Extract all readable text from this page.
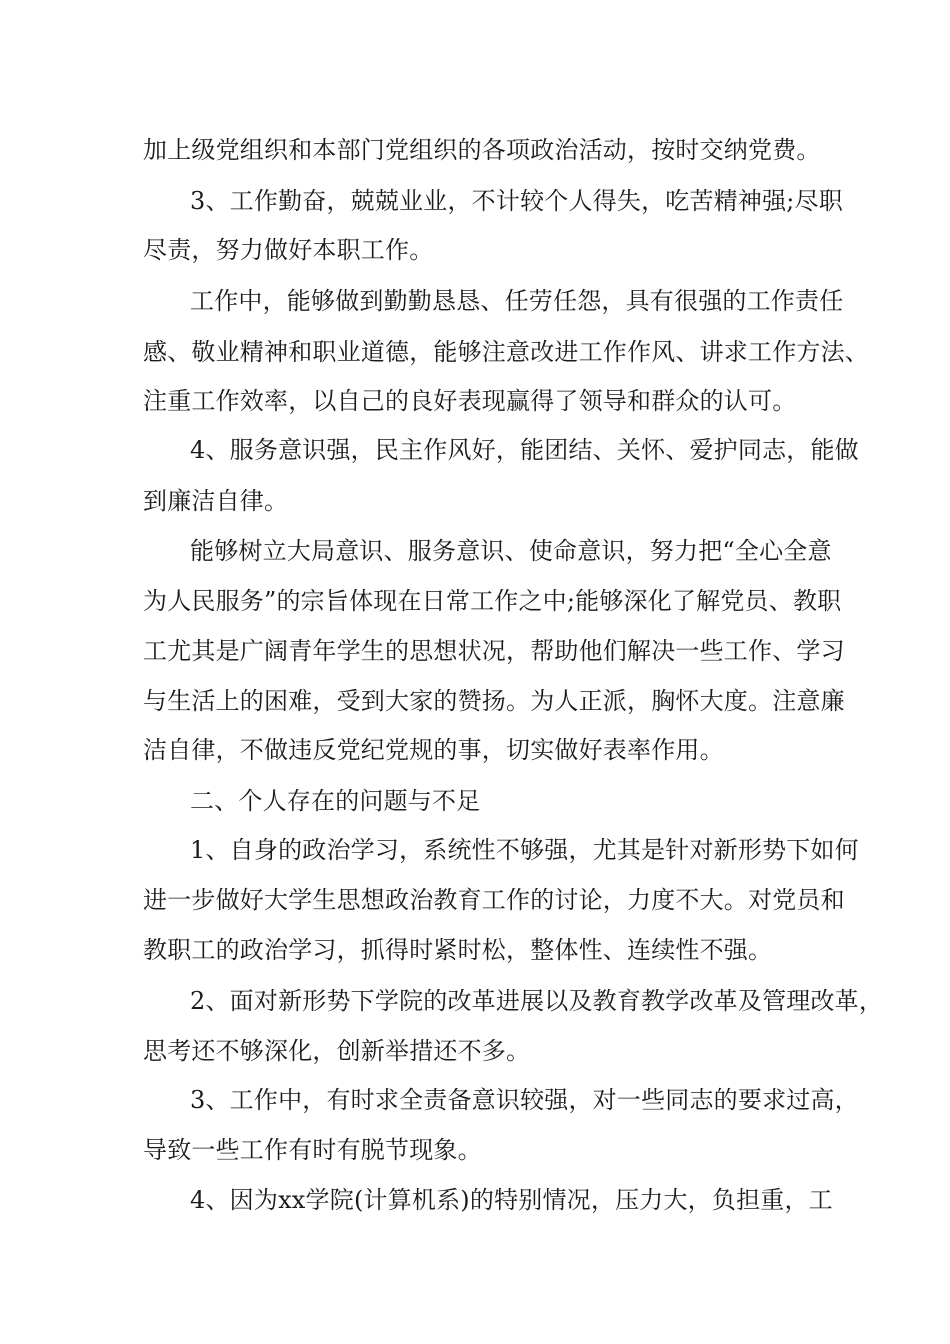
加上级党组织和本部门党组织的各项政治活动，按时交纳党费。
3、工作勤奋，兢兢业业，不计较个人得失，吃苦精神强;尽职
尽责，努力做好本职工作。
工作中，能够做到勤勤恳恳、任劳任怨，具有很强的工作责任
感、敬业精神和职业道德，能够注意改进工作作风、讲求工作方法、
注重工作效率，以自己的良好表现赢得了领导和群众的认可。
4、服务意识强，民主作风好，能团结、关怀、爱护同志，能做
到廉洁自律。
能够树立大局意识、服务意识、使命意识，努力把“全心全意
为人民服务”的宗旨体现在日常工作之中;能够深化了解党员、教职
工尤其是广阔青年学生的思想状况，帮助他们解决一些工作、学习
与生活上的困难，受到大家的赞扬。为人正派，胸怀大度。注意廉
洁自律，不做违反党纪党规的事，切实做好表率作用。
二、个人存在的问题与不足
1、自身的政治学习，系统性不够强，尤其是针对新形势下如何
进一步做好大学生思想政治教育工作的讨论，力度不大。对党员和
教职工的政治学习，抓得时紧时松，整体性、连续性不强。
2、面对新形势下学院的改革进展以及教育教学改革及管理改革，
思考还不够深化，创新举措还不多。
3、工作中，有时求全责备意识较强，对一些同志的要求过高，
导致一些工作有时有脱节现象。
4、因为xx学院(计算机系)的特别情况，压力大，负担重，工
